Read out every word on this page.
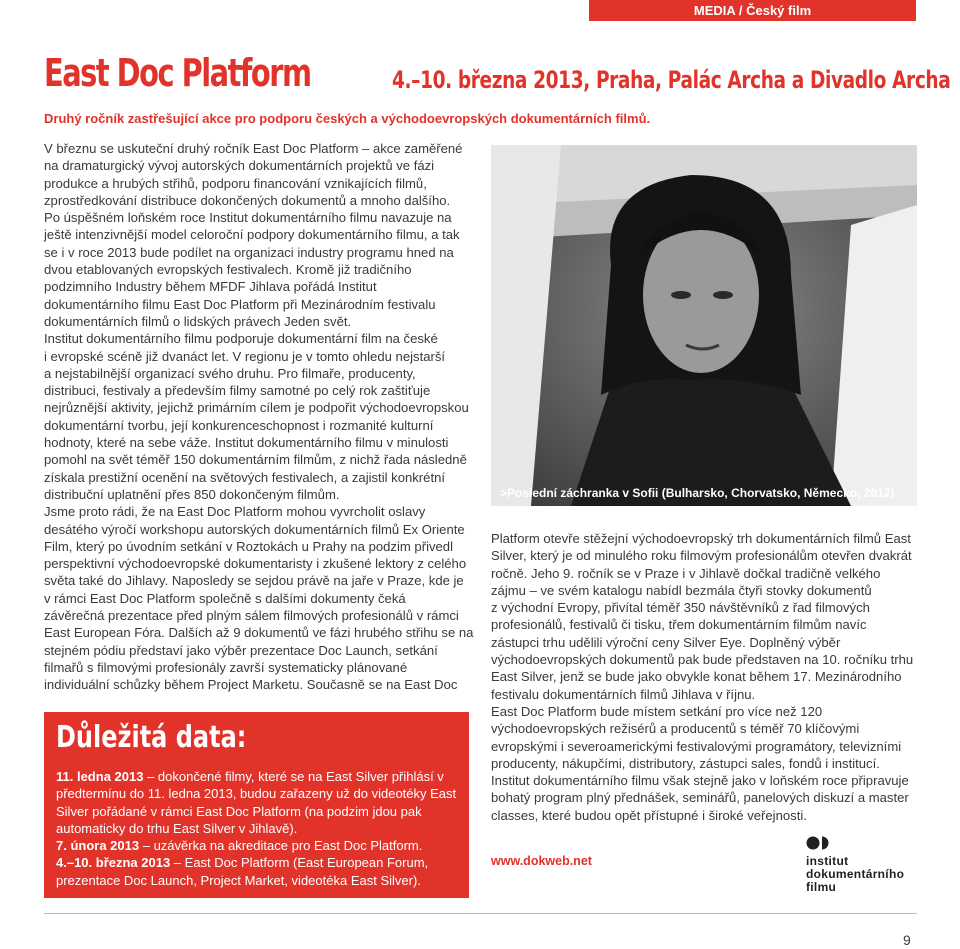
MEDIA / Český film
East Doc Platform	4.–10. března 2013, Praha, Palác Archa a Divadlo Archa
Druhý ročník zastřešující akce pro podporu českých a východoevropských dokumentárních filmů.

V březnu se uskuteční druhý ročník East Doc Platform – akce zaměřené

na dramaturgický vývoj autorských dokumentárních projektů ve fázi

produkce a hrubých střihů, podporu financování vznikajících filmů,

zprostředkování distribuce dokončených dokumentů a mnoho dalšího.

Po úspěšném loňském roce Institut dokumentárního filmu navazuje na

ještě intenzivnější model celoroční podpory dokumentárního filmu, a tak

se i v roce 2013 bude podílet na organizaci industry programu hned na

dvou etablovaných evropských festivalech. Kromě již tradičního

podzimního Industry během MFDF Jihlava pořádá Institut

dokumentárního filmu East Doc Platform při Mezinárodním festivalu

dokumentárních filmů o lidských právech Jeden svět.

Institut dokumentárního filmu podporuje dokumentární film na české

i evropské scéně již dvanáct let. V regionu je v tomto ohledu nejstarší

a nejstabilnější organizací svého druhu. Pro filmaře, producenty,

distribuci, festivaly a především filmy samotné po celý rok zaštiťuje

nejrůznější aktivity, jejichž primárním cílem je podpořit východoevropskou

dokumentární tvorbu, její konkurenceschopnost i rozmanité kulturní

hodnoty, které na sebe váže. Institut dokumentárního filmu v minulosti

pomohl na svět téměř 150 dokumentárním filmům, z nichž řada následně

získala prestižní ocenění na světových festivalech, a zajistil konkrétní

distribuční uplatnění přes 850 dokončeným filmům.

Jsme proto rádi, že na East Doc Platform mohou vyvrcholit oslavy

desátého výročí workshopu autorských dokumentárních filmů Ex Oriente

Film, který po úvodním setkání v Roztokách u Prahy na podzim přivedl

perspektivní východoevropské dokumentaristy i zkušené lektory z celého

světa také do Jihlavy. Naposledy se sejdou právě na jaře v Praze, kde je

v rámci East Doc Platform společně s dalšími dokumenty čeká

závěrečná prezentace před plným sálem filmových profesionálů v rámci

East European Fóra. Dalších až 9 dokumentů ve fázi hrubého střihu se na

stejném pódiu představí jako výběr prezentace Doc Launch, setkání

filmařů s filmovými profesionály završí systematicky plánované

individuální schůzky během Project Marketu. Současně se na East Doc

>Poslední záchranka v Sofii (Bulharsko, Chorvatsko, Německo, 2012)

Platform otevře stěžejní východoevropský trh dokumentárních filmů East

Silver, který je od minulého roku filmovým profesionálům otevřen dvakrát

ročně. Jeho 9. ročník se v Praze i v Jihlavě dočkal tradičně velkého

zájmu – ve svém katalogu nabídl bezmála čtyři stovky dokumentů

z východní Evropy, přivítal téměř 350 návštěvníků z řad filmových

profesionálů, festivalů či tisku, třem dokumentárním filmům navíc

zástupci trhu udělili výroční ceny Silver Eye. Doplněný výběr

východoevropských dokumentů pak bude představen na 10. ročníku trhu

East Silver, jenž se bude jako obvykle konat během 17. Mezinárodního

festivalu dokumentárních filmů Jihlava v říjnu.

East Doc Platform bude místem setkání pro více než 120

východoevropských režisérů a producentů s téměř 70 klíčovými

evropskými i severoamerickými festivalovými programátory, televizními

producenty, nákupčími, distributory, zástupci sales, fondů i institucí.

Institut dokumentárního filmu však stejně jako v loňském roce připravuje

bohatý program plný přednášek, seminářů, panelových diskuzí a master

classes, které budou opět přístupné i široké veřejnosti.

www.dokweb.net	institut
dokumentárního
filmu
Důležitá data:

11. ledna 2013 – dokončené filmy, které se na East Silver přihlásí v předtermínu do 11. ledna 2013, budou zařazeny už do videotéky East Silver pořádané v rámci East Doc Platform (na podzim jdou pak automaticky do trhu East Silver v Jihlavě).

7. února 2013 – uzávěrka na akreditace pro East Doc Platform.

4.–10. března 2013 – East Doc Platform (East European Forum, prezentace Doc Launch, Project Market, videotéka East Silver).

9
